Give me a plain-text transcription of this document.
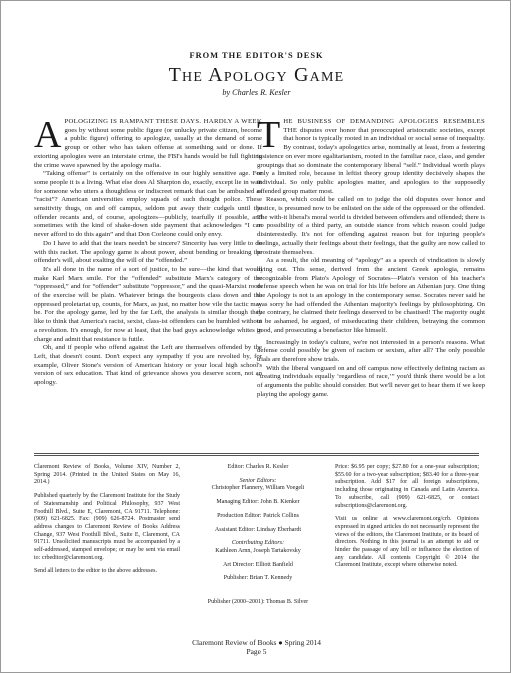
FROM THE EDITOR'S DESK
The Apology Game
by Charles R. Kesler

APOLOGIZING IS RAMPANT THESE DAYS. HARDLY A WEEK goes by without some public figure (or unlucky private citizen, become a public figure) offering to apologize, usually at the demand of some group or other who has taken offense at something said or done. If extorting apologies were an interstate crime, the FBI's hands would be full fighting the crime wave spawned by the apology mafia.

“Taking offense” is certainly on the offensive in our highly sensitive age. For some people it is a living. What else does Al Sharpton do, exactly, except lie in wait for someone who utters a thoughtless or indiscreet remark that can be ambushed as “racist”? American universities employ squads of such thought police. These sensitivity thugs, on and off campus, seldom put away their cudgels until the offender recants and, of course, apologizes—publicly, tearfully if possible, and sometimes with the kind of shake-down side payment that acknowledges “I can never afford to do this again” and that Don Corleone could only envy.

Do I have to add that the tears needn't be sincere? Sincerity has very little to do with this racket. The apology game is about power, about bending or breaking the offender's will, about exalting the will of the “offended.”

It's all done in the name of a sort of justice, to be sure—the kind that would make Karl Marx smile. For the “offended” substitute Marx's category of the “oppressed,” and for “offender” substitute “oppressor,” and the quasi-Marxist roots of the exercise will be plain. Whatever brings the bourgeois class down and the oppressed proletariat up, counts, for Marx, as just, no matter how vile the tactic may be. For the apology game, led by the far Left, the analysis is similar though they like to think that America's racist, sexist, class-ist offenders can be humbled without a revolution. It's enough, for now at least, that the bad guys acknowledge whites in charge and admit that resistance is futile.

Oh, and if people who offend against the Left are themselves offended by the Left, that doesn't count. Don't expect any sympathy if you are revolted by, for example, Oliver Stone's version of American history or your local high school's version of sex education. That kind of grievance shows you deserve scorn, not an apology.

THE BUSINESS OF DEMANDING APOLOGIES RESEMBLES THE disputes over honor that preoccupied aristocratic societies, except that honor is typically rooted in an individual or social sense of inequality. By contrast, today's apologetics arise, nominally at least, from a festering insistence on ever more egalitarianism, rooted in the familiar race, class, and gender groupings that so dominate the contemporary liberal “self.” Individual worth plays only a limited role, because in leftist theory group identity decisively shapes the individual. So only public apologies matter, and apologies to the supposedly offended group matter most.

Reason, which could be called on to judge the old disputes over honor and justice, is presumed now to be enlisted on the side of the oppressed or the offended. The with-it liberal's moral world is divided between offenders and offended; there is no possibility of a third party, an outside stance from which reason could judge disinterestedly. It's not for offending against reason but for injuring people's feelings, actually their feelings about their feelings, that the guilty are now called to prostrate themselves.

As a result, the old meaning of “apology” as a speech of vindication is slowly dying out. This sense, derived from the ancient Greek apologia, remains recognizable from Plato's Apology of Socrates—Plato's version of his teacher's defense speech when he was on trial for his life before an Athenian jury. One thing the Apology is not is an apology in the contemporary sense. Socrates never said he was sorry he had offended the Athenian majority's feelings by philosophizing. On the contrary, he claimed their feelings deserved to be chastised! The majority ought to be ashamed, he argued, of miseducating their children, betraying the common good, and prosecuting a benefactor like himself.

Increasingly in today's culture, we're not interested in a person's reasons. What defense could possibly be given of racism or sexism, after all? The only possible trials are therefore show trials.

With the liberal vanguard on and off campus now effectively defining racism as “treating individuals equally ‘regardless of race,’” you'd think there would be a lot of arguments the public should consider. But we'll never get to hear them if we keep playing the apology game.

Claremont Review of Books, Volume XIV, Number 2, Spring 2014. (Printed in the United States on May 16, 2014.)

Published quarterly by the Claremont Institute for the Study of Statesmanship and Political Philosophy, 937 West Foothill Blvd., Suite E, Claremont, CA 91711. Telephone: (909) 621-6825. Fax: (909) 626-8724. Postmaster send address changes to Claremont Review of Books Address Change, 937 West Foothill Blvd., Suite E, Claremont, CA 91711. Unsolicited manuscripts must be accompanied by a self-addressed, stamped envelope; or may be sent via email to: crbeditor@claremont.org.

Send all letters to the editor to the above addresses.

Editor: Charles R. Kesler

Senior Editors:

Christopher Flannery, William Voegeli

Managing Editor: John B. Kienker

Production Editor: Patrick Collins

Assistant Editor: Lindsay Eberhardt

Contributing Editors:

Kathleen Arnn, Joseph Tartakovsky

Art Director: Elliott Banfield

Publisher: Brian T. Kennedy

Publisher (2000–2001): Thomas B. Silver

Price: $6.95 per copy; $27.80 for a one-year subscription; $55.60 for a two-year subscription; $83.40 for a three-year subscription. Add $17 for all foreign subscriptions, including those originating in Canada and Latin America. To subscribe, call (909) 621-6825, or contact subscriptions@claremont.org.

Visit us online at www.claremont.org/crb. Opinions expressed in signed articles do not necessarily represent the views of the editors, the Claremont Institute, or its board of directors. Nothing in this journal is an attempt to aid or hinder the passage of any bill or influence the election of any candidate. All contents Copyright © 2014 the Claremont Institute, except where otherwise noted.

Claremont Review of Books ● Spring 2014
Page 5
